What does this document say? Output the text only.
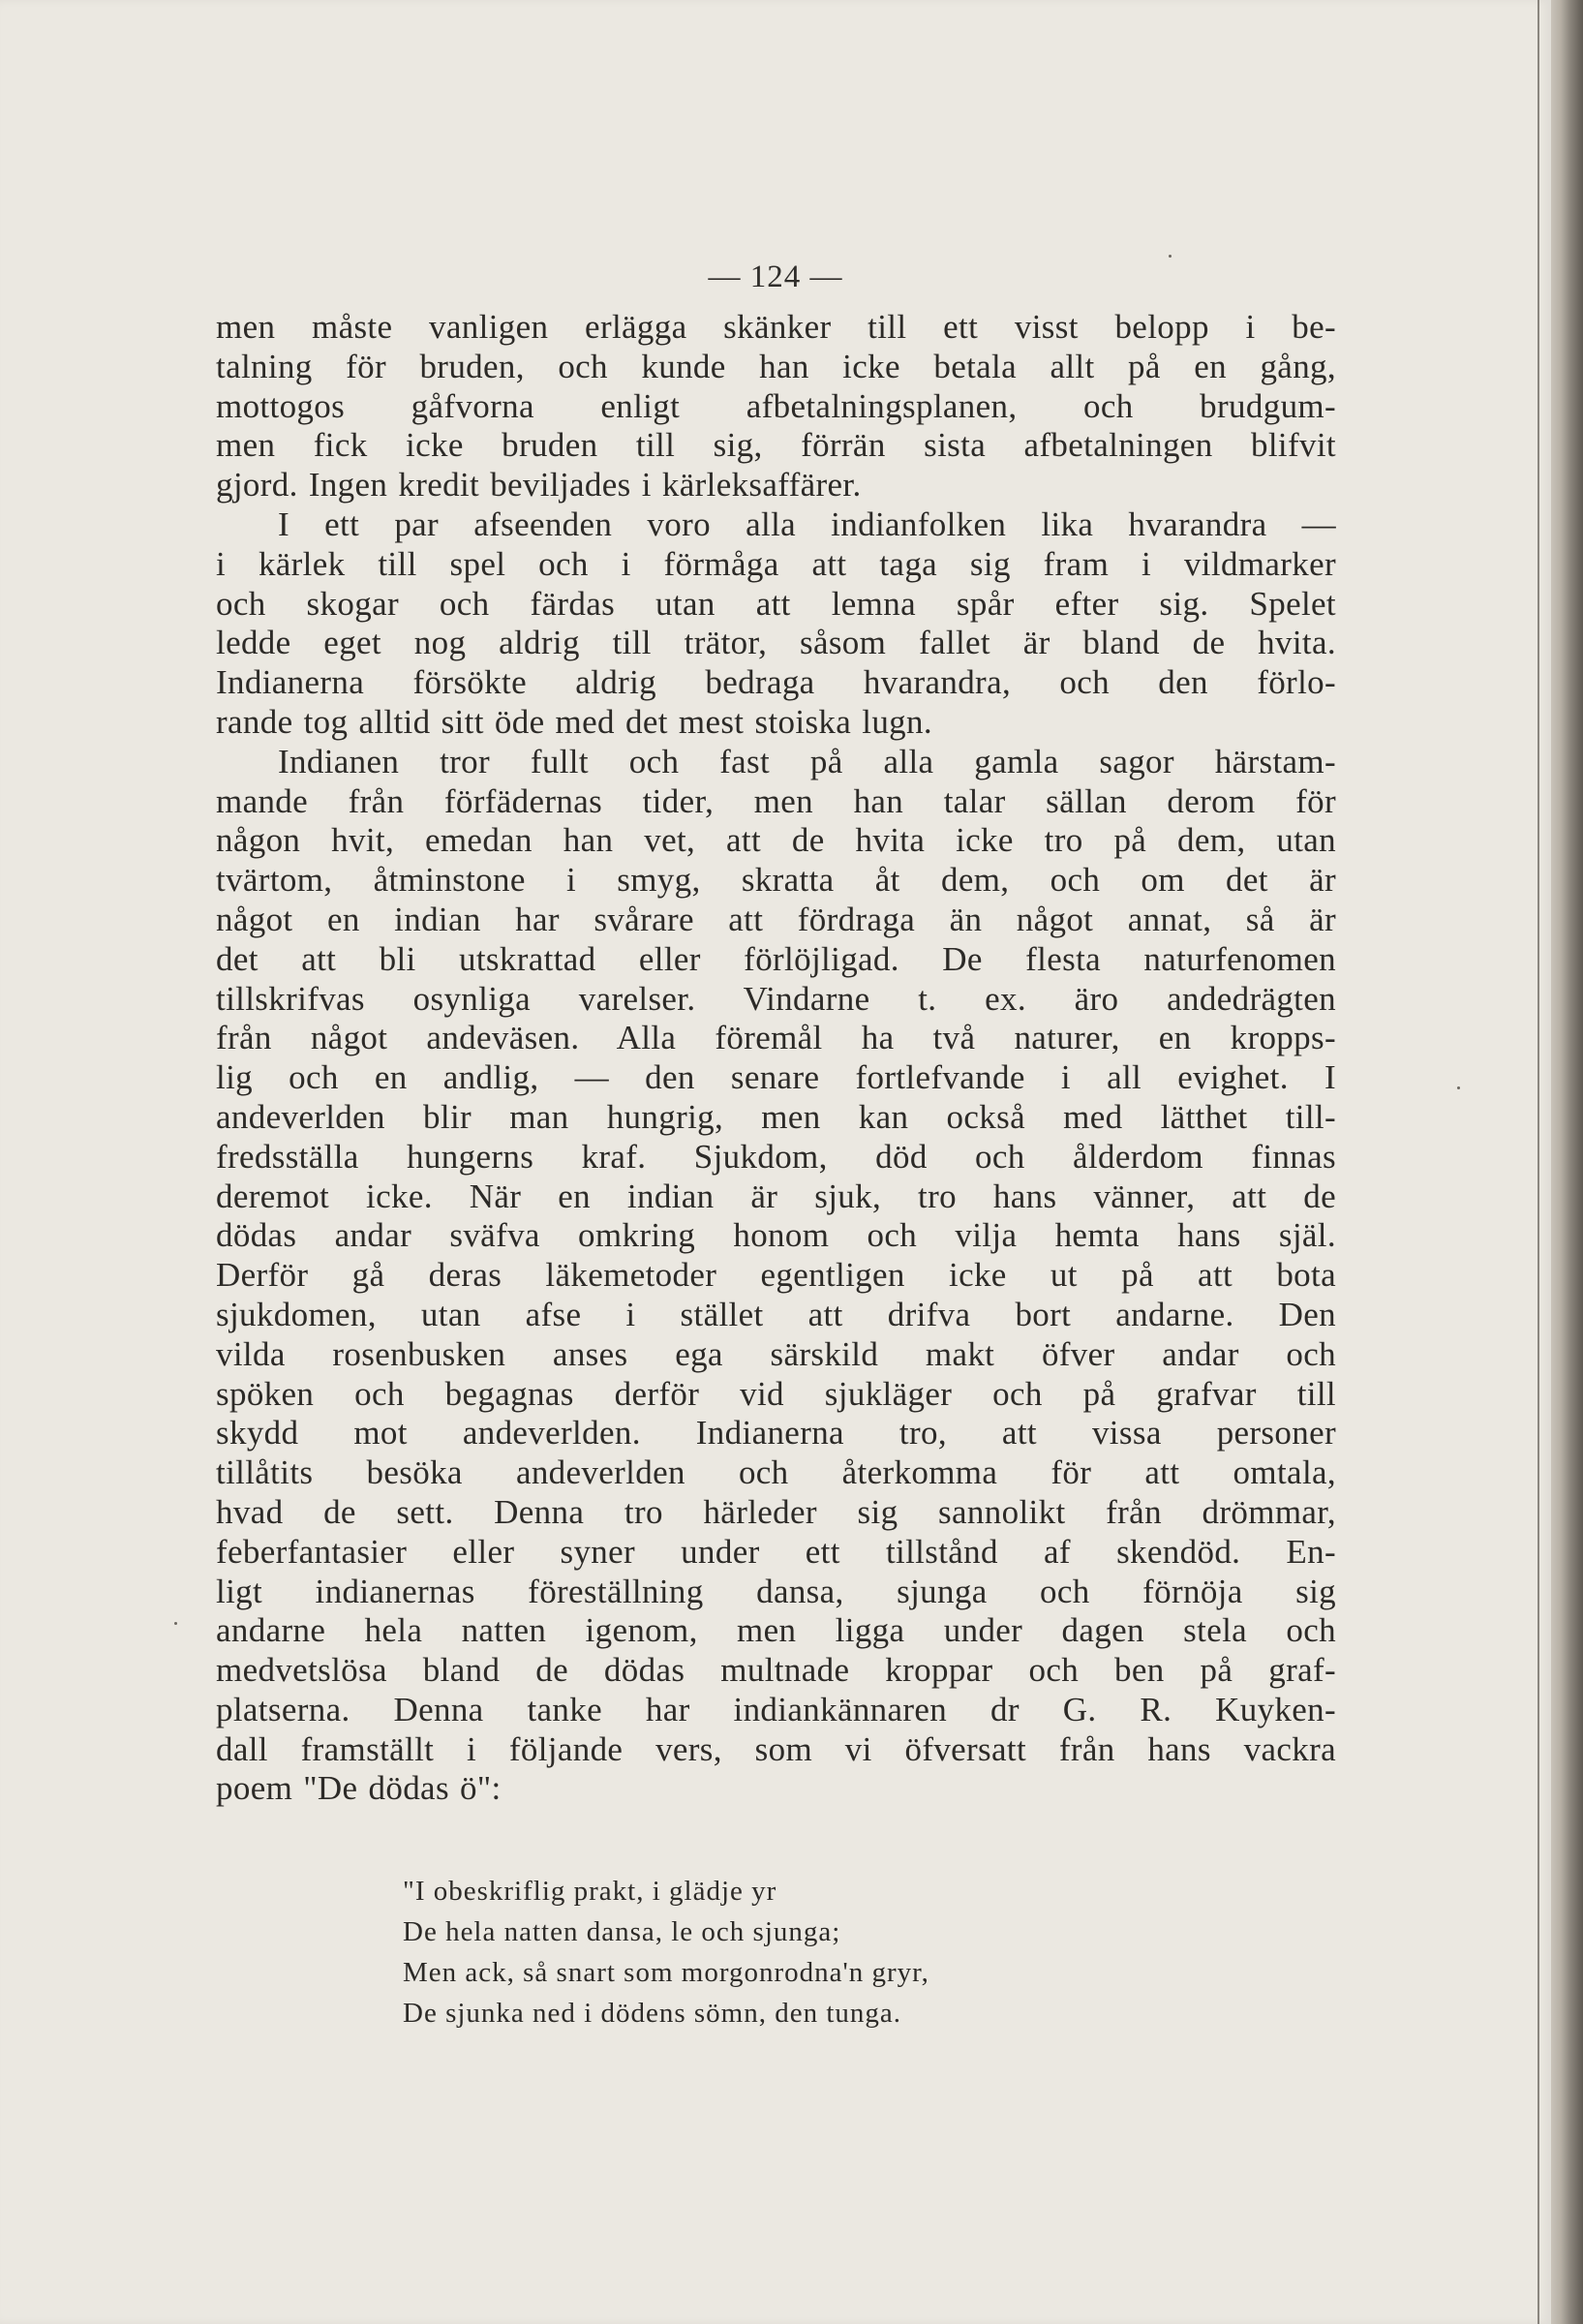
— 124 —
men måste vanligen erlägga skänker till ett visst belopp i be-
talning för bruden, och kunde han icke betala allt på en gång,
mottogos gåfvorna enligt afbetalningsplanen, och brudgum-
men fick icke bruden till sig, förrän sista afbetalningen blifvit
gjord. Ingen kredit beviljades i kärleksaffärer.
I ett par afseenden voro alla indianfolken lika hvarandra —
i kärlek till spel och i förmåga att taga sig fram i vildmarker
och skogar och färdas utan att lemna spår efter sig. Spelet
ledde eget nog aldrig till trätor, såsom fallet är bland de hvita.
Indianerna försökte aldrig bedraga hvarandra, och den förlo-
rande tog alltid sitt öde med det mest stoiska lugn.
Indianen tror fullt och fast på alla gamla sagor härstam-
mande från förfädernas tider, men han talar sällan derom för
någon hvit, emedan han vet, att de hvita icke tro på dem, utan
tvärtom, åtminstone i smyg, skratta åt dem, och om det är
något en indian har svårare att fördraga än något annat, så är
det att bli utskrattad eller förlöjligad. De flesta naturfenomen
tillskrifvas osynliga varelser. Vindarne t. ex. äro andedrägten
från något andeväsen. Alla föremål ha två naturer, en kropps-
lig och en andlig, — den senare fortlefvande i all evighet. I
andeverlden blir man hungrig, men kan också med lätthet till-
fredsställa hungerns kraf. Sjukdom, död och ålderdom finnas
deremot icke. När en indian är sjuk, tro hans vänner, att de
dödas andar sväfva omkring honom och vilja hemta hans själ.
Derför gå deras läkemetoder egentligen icke ut på att bota
sjukdomen, utan afse i stället att drifva bort andarne. Den
vilda rosenbusken anses ega särskild makt öfver andar och
spöken och begagnas derför vid sjukläger och på grafvar till
skydd mot andeverlden. Indianerna tro, att vissa personer
tillåtits besöka andeverlden och återkomma för att omtala,
hvad de sett. Denna tro härleder sig sannolikt från drömmar,
feberfantasier eller syner under ett tillstånd af skendöd. En-
ligt indianernas föreställning dansa, sjunga och förnöja sig
andarne hela natten igenom, men ligga under dagen stela och
medvetslösa bland de dödas multnade kroppar och ben på graf-
platserna. Denna tanke har indiankännaren dr G. R. Kuyken-
dall framställt i följande vers, som vi öfversatt från hans vackra
poem "De dödas ö":
"I obeskriflig prakt, i glädje yr
De hela natten dansa, le och sjunga;
Men ack, så snart som morgonrodna'n gryr,
De sjunka ned i dödens sömn, den tunga.
